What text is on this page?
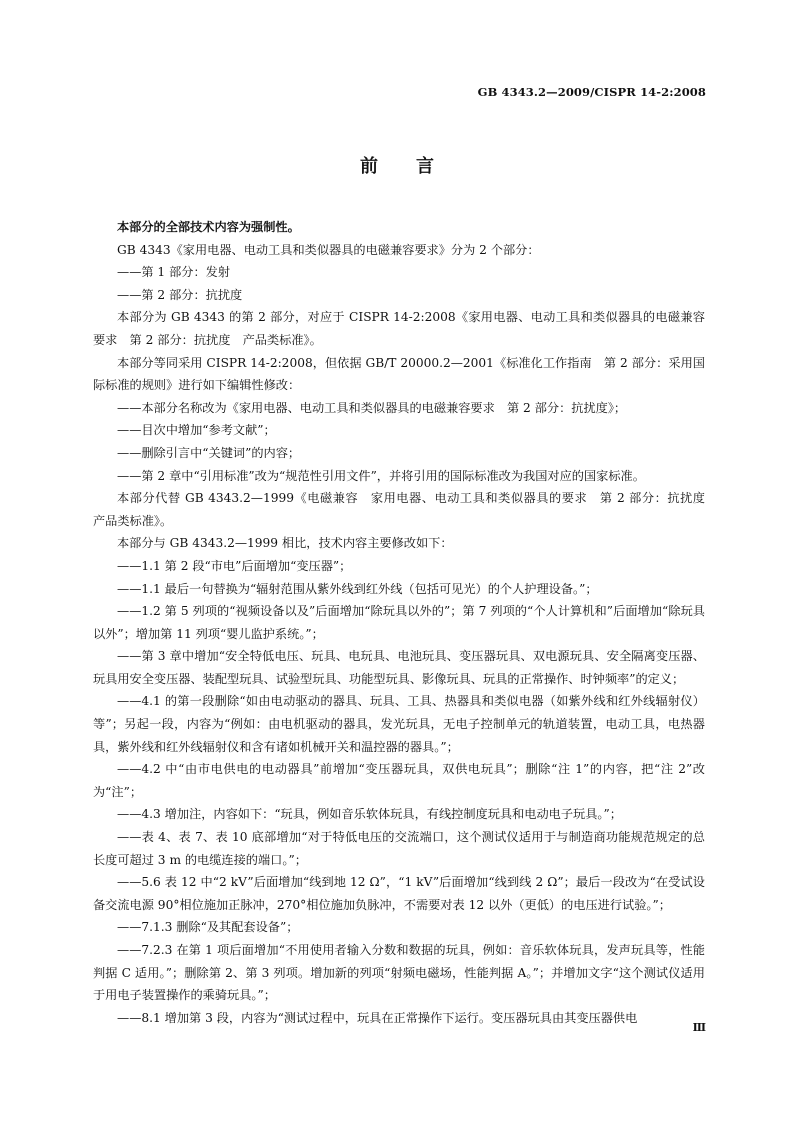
GB 4343.2—2009/CISPR 14-2:2008
前言

本部分的全部技术内容为强制性。

GB 4343《家用电器、电动工具和类似器具的电磁兼容要求》分为 2 个部分：

——第 1 部分：发射

——第 2 部分：抗扰度

本部分为 GB 4343 的第 2 部分，对应于 CISPR 14-2:2008《家用电器、电动工具和类似器具的电磁兼容要求　第 2 部分：抗扰度　产品类标准》。

本部分等同采用 CISPR 14-2:2008，但依据 GB/T 20000.2—2001《标准化工作指南　第 2 部分：采用国际标准的规则》进行如下编辑性修改：

——本部分名称改为《家用电器、电动工具和类似器具的电磁兼容要求　第 2 部分：抗扰度》；

——目次中增加“参考文献”；

——删除引言中“关键词”的内容；

——第 2 章中“引用标准”改为“规范性引用文件”，并将引用的国际标准改为我国对应的国家标准。

本部分代替 GB 4343.2—1999《电磁兼容　家用电器、电动工具和类似器具的要求　第 2 部分：抗扰度　产品类标准》。

本部分与 GB 4343.2—1999 相比，技术内容主要修改如下：

——1.1 第 2 段“市电”后面增加“变压器”；

——1.1 最后一句替换为“辐射范围从紫外线到红外线（包括可见光）的个人护理设备。”；

——1.2 第 5 列项的“视频设备以及”后面增加“除玩具以外的”；第 7 列项的“个人计算机和”后面增加“除玩具以外”；增加第 11 列项“婴儿监护系统。”；

——第 3 章中增加“安全特低电压、玩具、电玩具、电池玩具、变压器玩具、双电源玩具、安全隔离变压器、玩具用安全变压器、装配型玩具、试验型玩具、功能型玩具、影像玩具、玩具的正常操作、时钟频率”的定义；

——4.1 的第一段删除“如由电动驱动的器具、玩具、工具、热器具和类似电器（如紫外线和红外线辐射仪）等”；另起一段，内容为“例如：由电机驱动的器具，发光玩具，无电子控制单元的轨道装置，电动工具，电热器具，紫外线和红外线辐射仪和含有诸如机械开关和温控器的器具。”；

——4.2 中“由市电供电的电动器具”前增加“变压器玩具，双供电玩具”；删除“注 1”的内容，把“注 2”改为“注”；

——4.3 增加注，内容如下：“玩具，例如音乐软体玩具，有线控制度玩具和电动电子玩具。”；

——表 4、表 7、表 10 底部增加“对于特低电压的交流端口，这个测试仪适用于与制造商功能规范规定的总长度可超过 3 m 的电缆连接的端口。”；

——5.6 表 12 中“2 kV”后面增加“线到地 12 Ω”，“1 kV”后面增加“线到线 2 Ω”；最后一段改为“在受试设备交流电源 90°相位施加正脉冲，270°相位施加负脉冲，不需要对表 12 以外（更低）的电压进行试验。”；

——7.1.3 删除“及其配套设备”；

——7.2.3 在第 1 项后面增加“不用使用者输入分数和数据的玩具，例如：音乐软体玩具，发声玩具等，性能判据 C 适用。”；删除第 2、第 3 列项。增加新的列项“射频电磁场，性能判据 A。”；并增加文字“这个测试仪适用于用电子装置操作的乘骑玩具。”；

——8.1 增加第 3 段，内容为“测试过程中，玩具在正常操作下运行。变压器玩具由其变压器供电

Ⅲ
